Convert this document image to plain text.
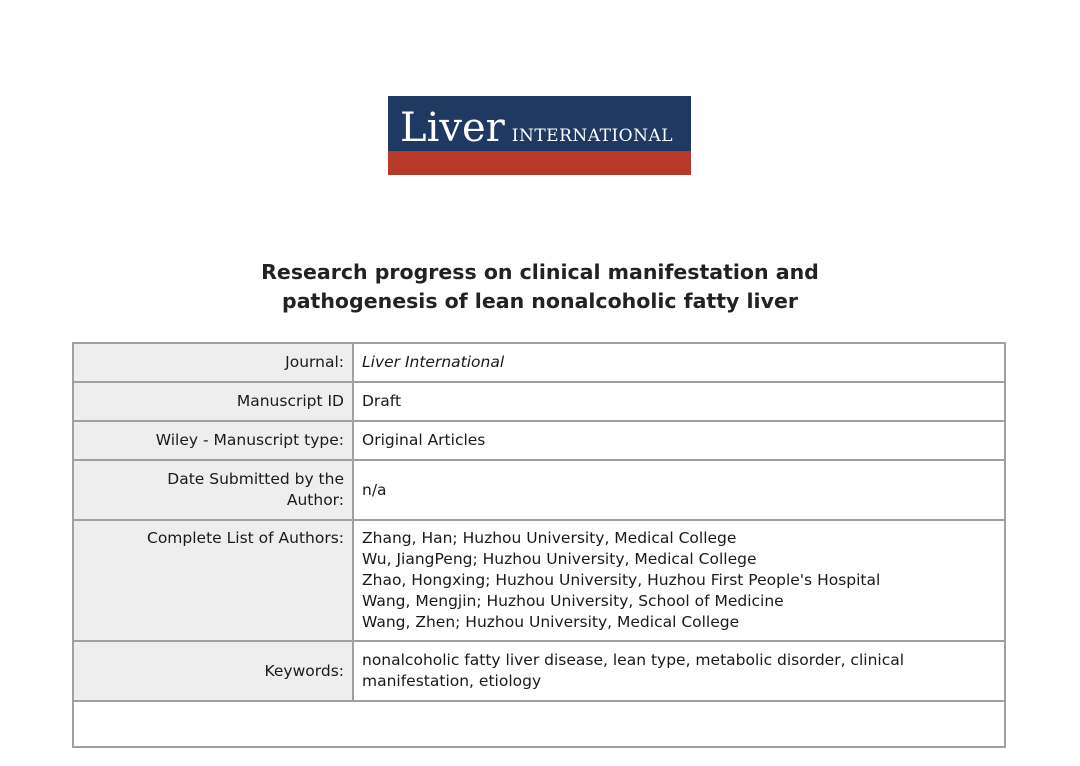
Liver INTERNATIONAL
Research progress on clinical manifestation and
pathogenesis of lean nonalcoholic fatty liver
Journal:	Liver International
Manuscript ID	Draft
Wiley - Manuscript type:	Original Articles

Date Submitted by the
Author:	n/a
Complete List of Authors:	Zhang, Han; Huzhou University, Medical College
Wu, JiangPeng; Huzhou University, Medical College
Zhao, Hongxing; Huzhou University, Huzhou First People's Hospital
Wang, Mengjin; Huzhou University, School of Medicine
Wang, Zhen; Huzhou University, Medical College

Keywords:	nonalcoholic fatty liver disease, lean type, metabolic disorder, clinical
manifestation, etiology
